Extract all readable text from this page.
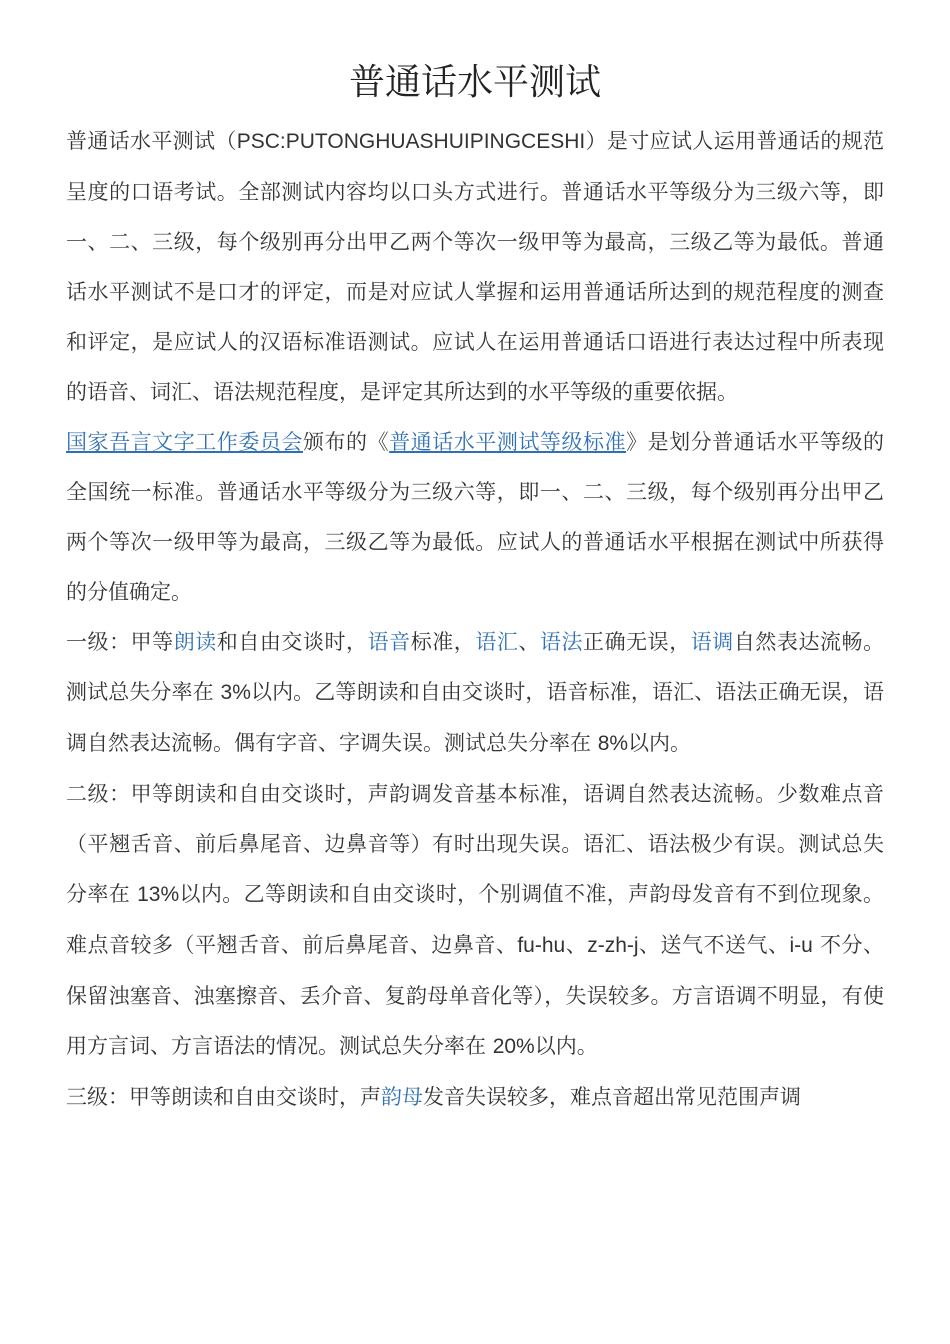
普通话水平测试

普通话水平测试（PSC:PUTONGHUASHUIPINGCESHI）是寸应试人运用普通话的规范呈度的口语考试。全部测试内容均以口头方式进行。普通话水平等级分为三级六等，即一、二、三级，每个级别再分出甲乙两个等次一级甲等为最高，三级乙等为最低。普通话水平测试不是口才的评定，而是对应试人掌握和运用普通话所达到的规范程度的测查和评定，是应试人的汉语标准语测试。应试人在运用普通话口语进行表达过程中所表现的语音、词汇、语法规范程度，是评定其所达到的水平等级的重要依据。

国家吾言文字工作委员会颁布的《普通话水平测试等级标准》是划分普通话水平等级的全国统一标准。普通话水平等级分为三级六等，即一、二、三级，每个级别再分出甲乙两个等次一级甲等为最高，三级乙等为最低。应试人的普通话水平根据在测试中所获得的分值确定。

一级：甲等朗读和自由交谈时，语音标准，语汇、语法正确无误，语调自然表达流畅。测试总失分率在 3%以内。乙等朗读和自由交谈时，语音标准，语汇、语法正确无误，语调自然表达流畅。偶有字音、字调失误。测试总失分率在 8%以内。

二级：甲等朗读和自由交谈时，声韵调发音基本标准，语调自然表达流畅。少数难点音（平翘舌音、前后鼻尾音、边鼻音等）有时出现失误。语汇、语法极少有误。测试总失分率在 13%以内。乙等朗读和自由交谈时，个别调值不准，声韵母发音有不到位现象。难点音较多（平翘舌音、前后鼻尾音、边鼻音、fu-hu、z-zh-j、送气不送气、i-u 不分、保留浊塞音、浊塞擦音、丢介音、复韵母单音化等），失误较多。方言语调不明显，有使用方言词、方言语法的情况。测试总失分率在 20%以内。

三级：甲等朗读和自由交谈时，声韵母发音失误较多，难点音超出常见范围声调
